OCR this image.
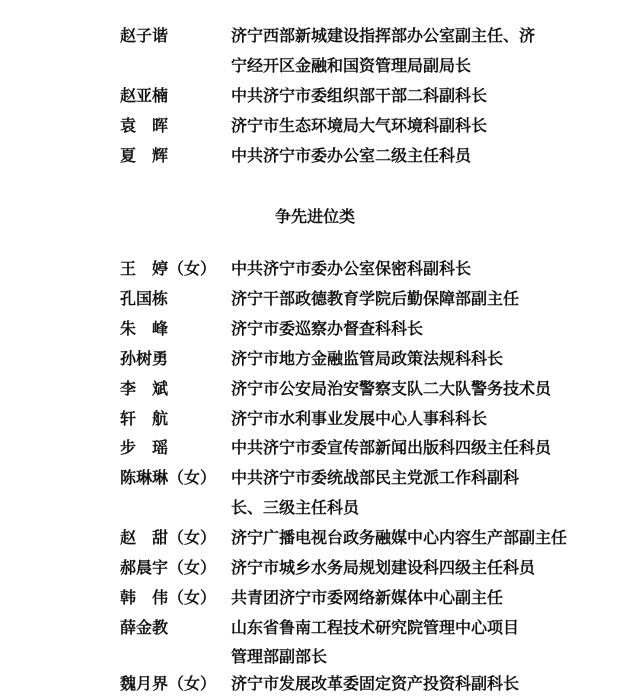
赵子谐	济宁西部新城建设指挥部办公室副主任、济
宁经开区金融和国资管理局副局长
赵亚楠	中共济宁市委组织部干部二科副科长
袁　晖	济宁市生态环境局大气环境科副科长
夏　辉	中共济宁市委办公室二级主任科员
争先进位类
王　婷（女） 中共济宁市委办公室保密科副科长
孔国栋	济宁干部政德教育学院后勤保障部副主任
朱　峰	济宁市委巡察办督查科科长
孙树勇	济宁市地方金融监管局政策法规科科长
李　斌	济宁市公安局治安警察支队二大队警务技术员
轩　航	济宁市水利事业发展中心人事科科长
步　瑶	中共济宁市委宣传部新闻出版科四级主任科员
陈琳琳（女） 中共济宁市委统战部民主党派工作科副科
长、三级主任科员
赵　甜（女） 济宁广播电视台政务融媒中心内容生产部副主任
郝晨宇（女） 济宁市城乡水务局规划建设科四级主任科员
韩　伟（女） 共青团济宁市委网络新媒体中心副主任
薛金教	山东省鲁南工程技术研究院管理中心项目
管理部副部长
魏月界（女） 济宁市发展改革委固定资产投资科副科长
